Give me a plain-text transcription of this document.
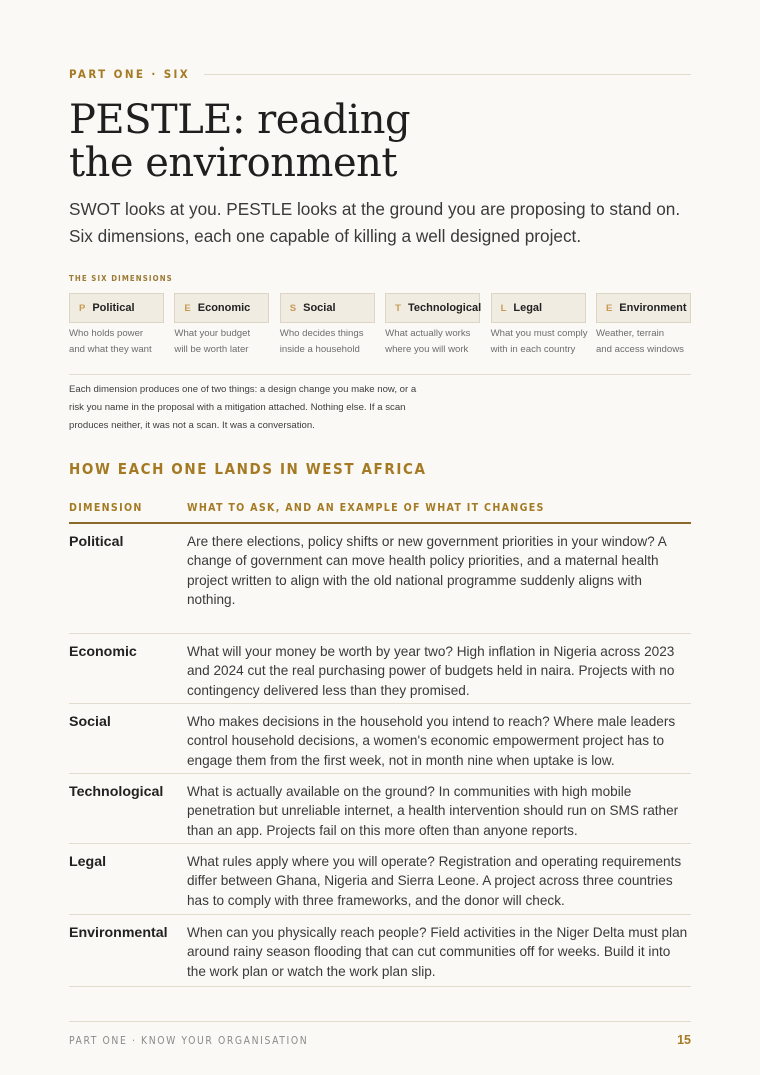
PART ONE · SIX
PESTLE: reading
the environment

SWOT looks at you. PESTLE looks at the ground you are proposing to stand on. Six dimensions, each one capable of killing a well designed project.

THE SIX DIMENSIONS
P Political
Who holds power
and what they want
E Economic
What your budget
will be worth later
S Social
Who decides things
inside a household
T Technological
What actually works
where you will work
L Legal
What you must comply
with in each country
E Environment
Weather, terrain
and access windows

Each dimension produces one of two things: a design change you make now, or a risk you name in the proposal with a mitigation attached. Nothing else. If a scan produces neither, it was not a scan. It was a conversation.

HOW EACH ONE LANDS IN WEST AFRICA
DIMENSION	WHAT TO ASK, AND AN EXAMPLE OF WHAT IT CHANGES
Political	Are there elections, policy shifts or new government priorities in your window? A change of government can move health policy priorities, and a maternal health project written to align with the old national programme suddenly aligns with nothing.
Economic	What will your money be worth by year two? High inflation in Nigeria across 2023 and 2024 cut the real purchasing power of budgets held in naira. Projects with no contingency delivered less than they promised.
Social	Who makes decisions in the household you intend to reach? Where male leaders control household decisions, a women's economic empowerment project has to engage them from the first week, not in month nine when uptake is low.
Technological	What is actually available on the ground? In communities with high mobile penetration but unreliable internet, a health intervention should run on SMS rather than an app. Projects fail on this more often than anyone reports.
Legal	What rules apply where you will operate? Registration and operating requirements differ between Ghana, Nigeria and Sierra Leone. A project across three countries has to comply with three frameworks, and the donor will check.
Environmental	When can you physically reach people? Field activities in the Niger Delta must plan around rainy season flooding that can cut communities off for weeks. Build it into the work plan or watch the work plan slip.
PART ONE · KNOW YOUR ORGANISATION	15
